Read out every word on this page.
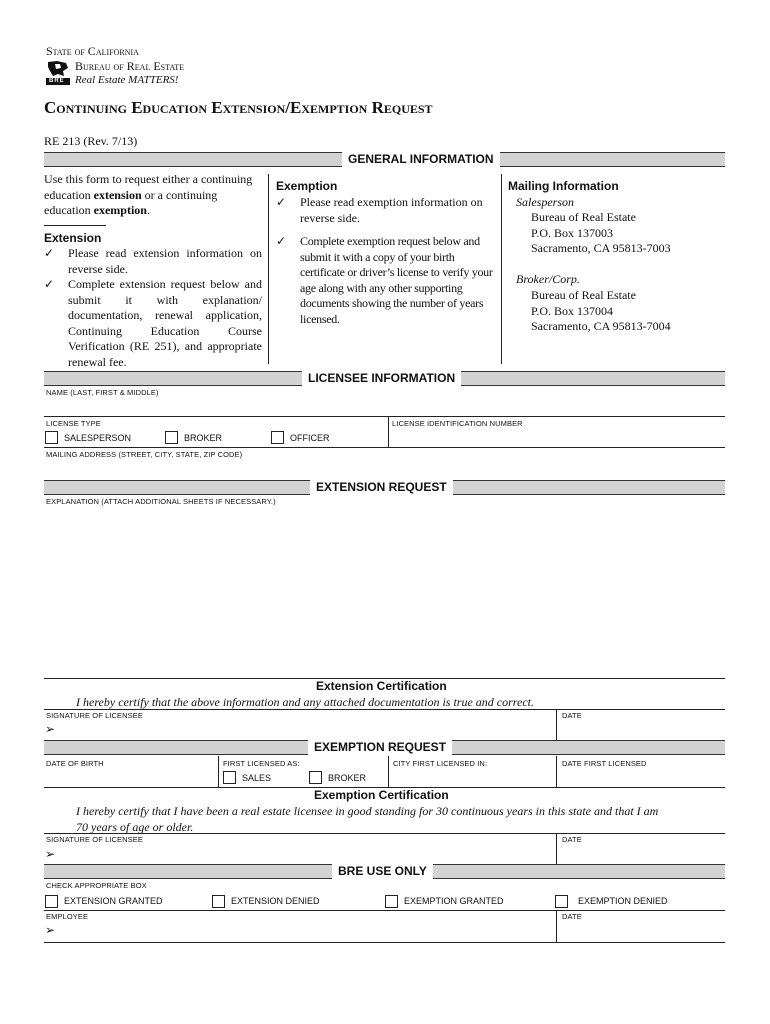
State of California
BRE
Bureau of Real Estate
Real Estate MATTERS!
Continuing Education Extension/Exemption Request
RE 213 (Rev. 7/13)
GENERAL INFORMATION
Use this form to request either a continuing
education extension or a continuing
education exemption.
Extension
✓ Please read extension information on reverse side.
✓ Complete extension request below and submit it with explanation/ documentation, renewal application, Continuing Education Course Verification (RE 251), and appropriate renewal fee.
Exemption
✓ Please read exemption information on reverse side.
✓ Complete exemption request below and submit it with a copy of your birth certificate or driver’s license to verify your age along with any other supporting documents showing the number of years licensed.
Mailing Information
Salesperson
Bureau of Real Estate
P.O. Box 137003
Sacramento, CA 95813-7003
Broker/Corp.
Bureau of Real Estate
P.O. Box 137004
Sacramento, CA 95813-7004
LICENSEE INFORMATION
NAME (LAST, FIRST & MIDDLE)
LICENSE TYPE	LICENSE IDENTIFICATION NUMBER
SALESPERSON	BROKER	OFFICER
MAILING ADDRESS (STREET, CITY, STATE, ZIP CODE)
EXTENSION REQUEST
EXPLANATION (ATTACH ADDITIONAL SHEETS IF NECESSARY.)
Extension Certification
I hereby certify that the above information and any attached documentation is true and correct.
SIGNATURE OF LICENSEE
➢
DATE
EXEMPTION REQUEST
DATE OF BIRTH	FIRST LICENSED AS:
SALES	BROKER
CITY FIRST LICENSED IN:	DATE FIRST LICENSED
Exemption Certification
I hereby certify that I have been a real estate licensee in good standing for 30 continuous years in this state and that I am
70 years of age or older.
SIGNATURE OF LICENSEE
➢
DATE
BRE USE ONLY
CHECK APPROPRIATE BOX
EXTENSION GRANTED	EXTENSION DENIED	EXEMPTION GRANTED	EXEMPTION DENIED
EMPLOYEE
➢
DATE
